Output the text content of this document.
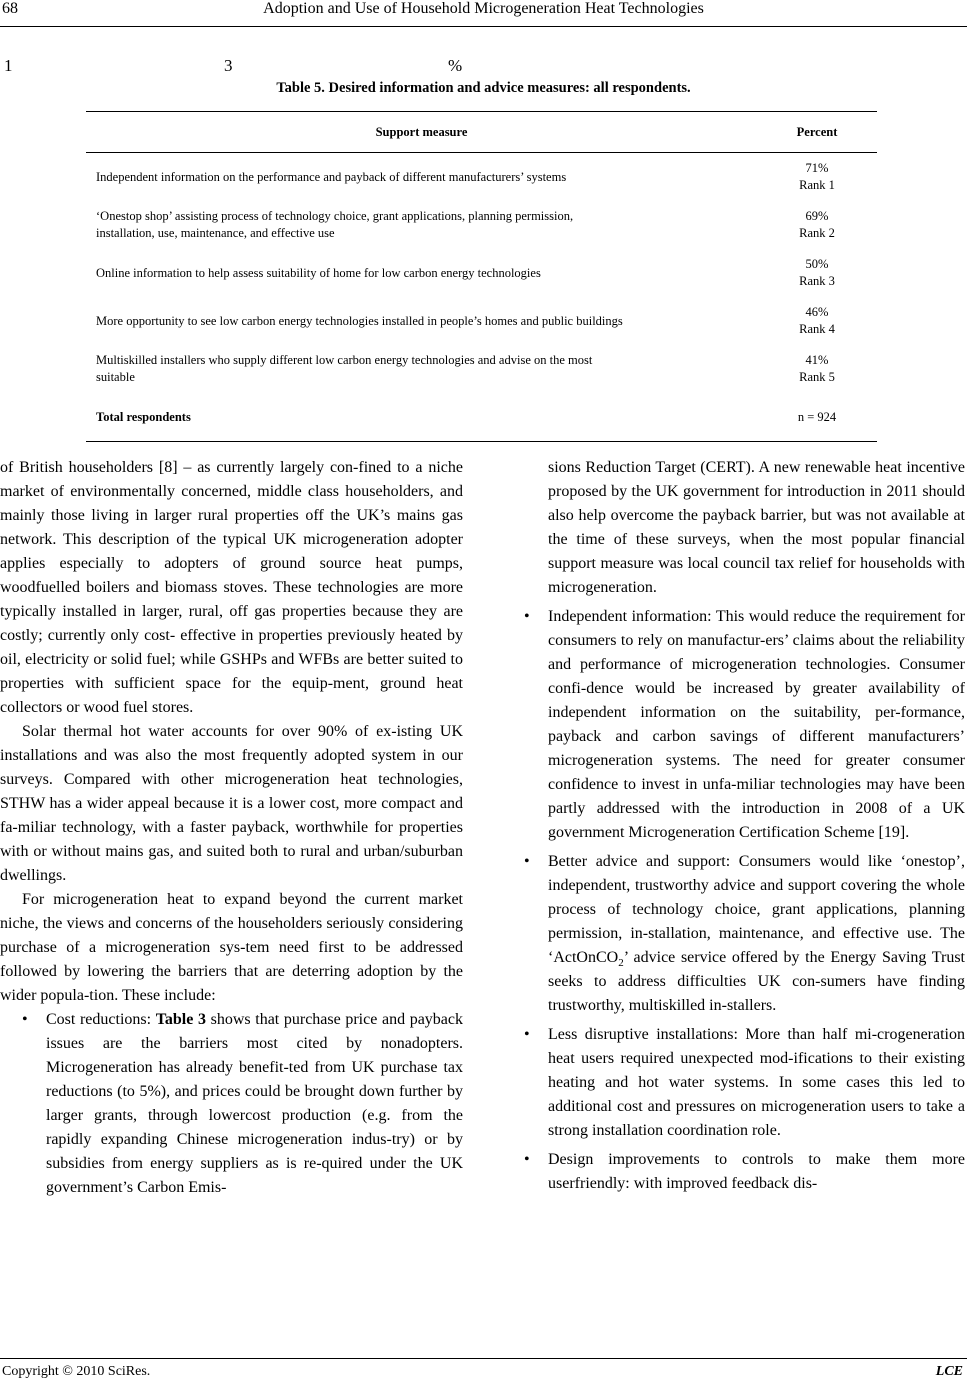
68	Adoption and Use of Household Microgeneration Heat Technologies
1	3	%
Table 5. Desired information and advice measures: all respondents.
Support measure	Percent
Independent information on the performance and payback of different manufacturers’ systems	71%
Rank 1
‘Onestop shop’ assisting process of technology choice, grant applications, planning permission, installation, use, maintenance, and effective use	69%
Rank 2
Online information to help assess suitability of home for low carbon energy technologies	50%
Rank 3
More opportunity to see low carbon energy technologies installed in people’s homes and public buildings	46%
Rank 4
Multiskilled installers who supply different low carbon energy technologies and advise on the most suitable	41%
Rank 5
Total respondents	n = 924

of British householders [8] – as currently largely con-fined to a niche market of environmentally concerned, middle class householders, and mainly those living in larger rural properties off the UK’s mains gas network. This description of the typical UK microgeneration adopter applies especially to adopters of ground source heat pumps, woodfuelled boilers and biomass stoves. These technologies are more typically installed in larger, rural, off gas properties because they are costly; currently only cost- effective in properties previously heated by oil, electricity or solid fuel; while GSHPs and WFBs are better suited to properties with sufficient space for the equip-ment, ground heat collectors or wood fuel stores.

Solar thermal hot water accounts for over 90% of ex-isting UK installations and was also the most frequently adopted system in our surveys. Compared with other microgeneration heat technologies, STHW has a wider appeal because it is a lower cost, more compact and fa-miliar technology, with a faster payback, worthwhile for properties with or without mains gas, and suited both to rural and urban/suburban dwellings.

For microgeneration heat to expand beyond the current market niche, the views and concerns of the householders seriously considering purchase of a microgeneration sys-tem need first to be addressed followed by lowering the barriers that are deterring adoption by the wider popula-tion. These include:

• Cost reductions: Table 3 shows that purchase price and payback issues are the barriers most cited by nonadopters. Microgeneration has already benefit-ted from UK purchase tax reductions (to 5%), and prices could be brought down further by larger grants, through lowercost production (e.g. from the rapidly expanding Chinese microgeneration indus-try) or by subsidies from energy suppliers as is re-quired under the UK government’s Carbon Emis-
sions Reduction Target (CERT). A new renewable heat incentive proposed by the UK government for introduction in 2011 should also help overcome the payback barrier, but was not available at the time of these surveys, when the most popular financial support measure was local council tax relief for households with microgeneration.
• Independent information: This would reduce the requirement for consumers to rely on manufactur-ers’ claims about the reliability and performance of microgeneration technologies. Consumer confi-dence would be increased by greater availability of independent information on the suitability, per-formance, payback and carbon savings of different manufacturers’ microgeneration systems. The need for greater consumer confidence to invest in unfa-miliar technologies may have been partly addressed with the introduction in 2008 of a UK government Microgeneration Certification Scheme [19].
• Better advice and support: Consumers would like ‘onestop’, independent, trustworthy advice and support covering the whole process of technology choice, grant applications, planning permission, in-stallation, maintenance, and effective use. The ‘ActOnCO$_2$’ advice service offered by the Energy Saving Trust seeks to address difficulties UK con-sumers have finding trustworthy, multiskilled in-stallers.
• Less disruptive installations: More than half mi-crogeneration heat users required unexpected mod-ifications to their existing heating and hot water systems. In some cases this led to additional cost and pressures on microgeneration users to take a strong installation coordination role.
• Design improvements to controls to make them more userfriendly: with improved feedback dis-
Copyright © 2010 SciRes.	LCE
